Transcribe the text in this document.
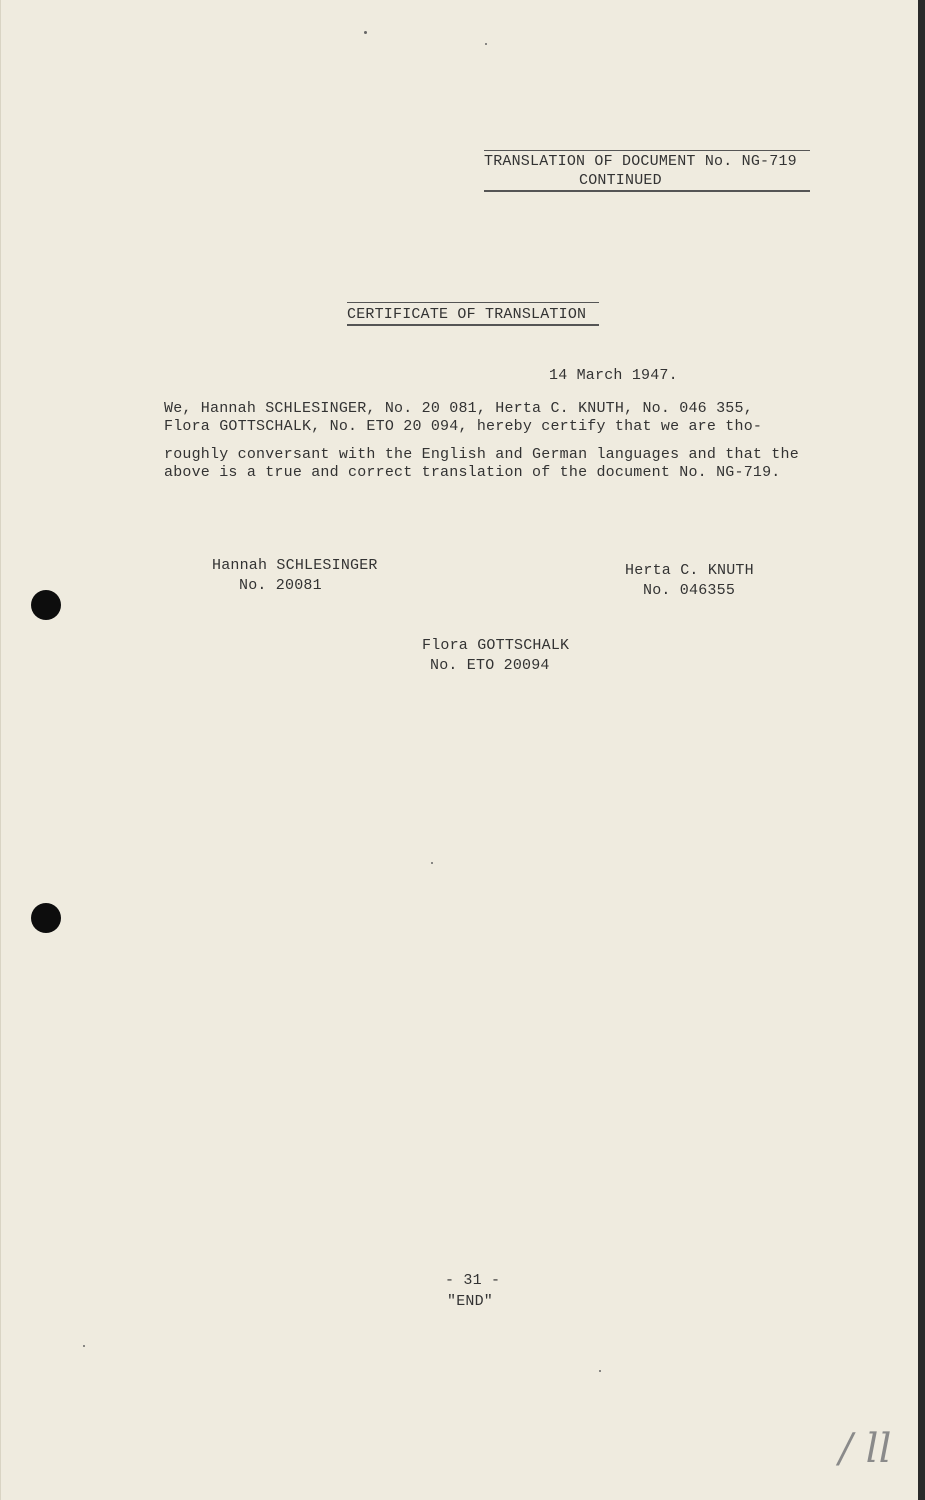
TRANSLATION OF DOCUMENT No. NG-719
CONTINUED
CERTIFICATE OF TRANSLATION
14 March 1947.
We, Hannah SCHLESINGER, No. 20 081, Herta C. KNUTH, No. 046 355,
Flora GOTTSCHALK, No. ETO 20 094, hereby certify that we are tho-
roughly conversant with the English and German languages and that the
above is a true and correct translation of the document No. NG-719.
Hannah SCHLESINGER
No. 20081
Herta C. KNUTH
No. 046355
Flora GOTTSCHALK
No. ETO 20094
- 31 -
"END"
/ ll
